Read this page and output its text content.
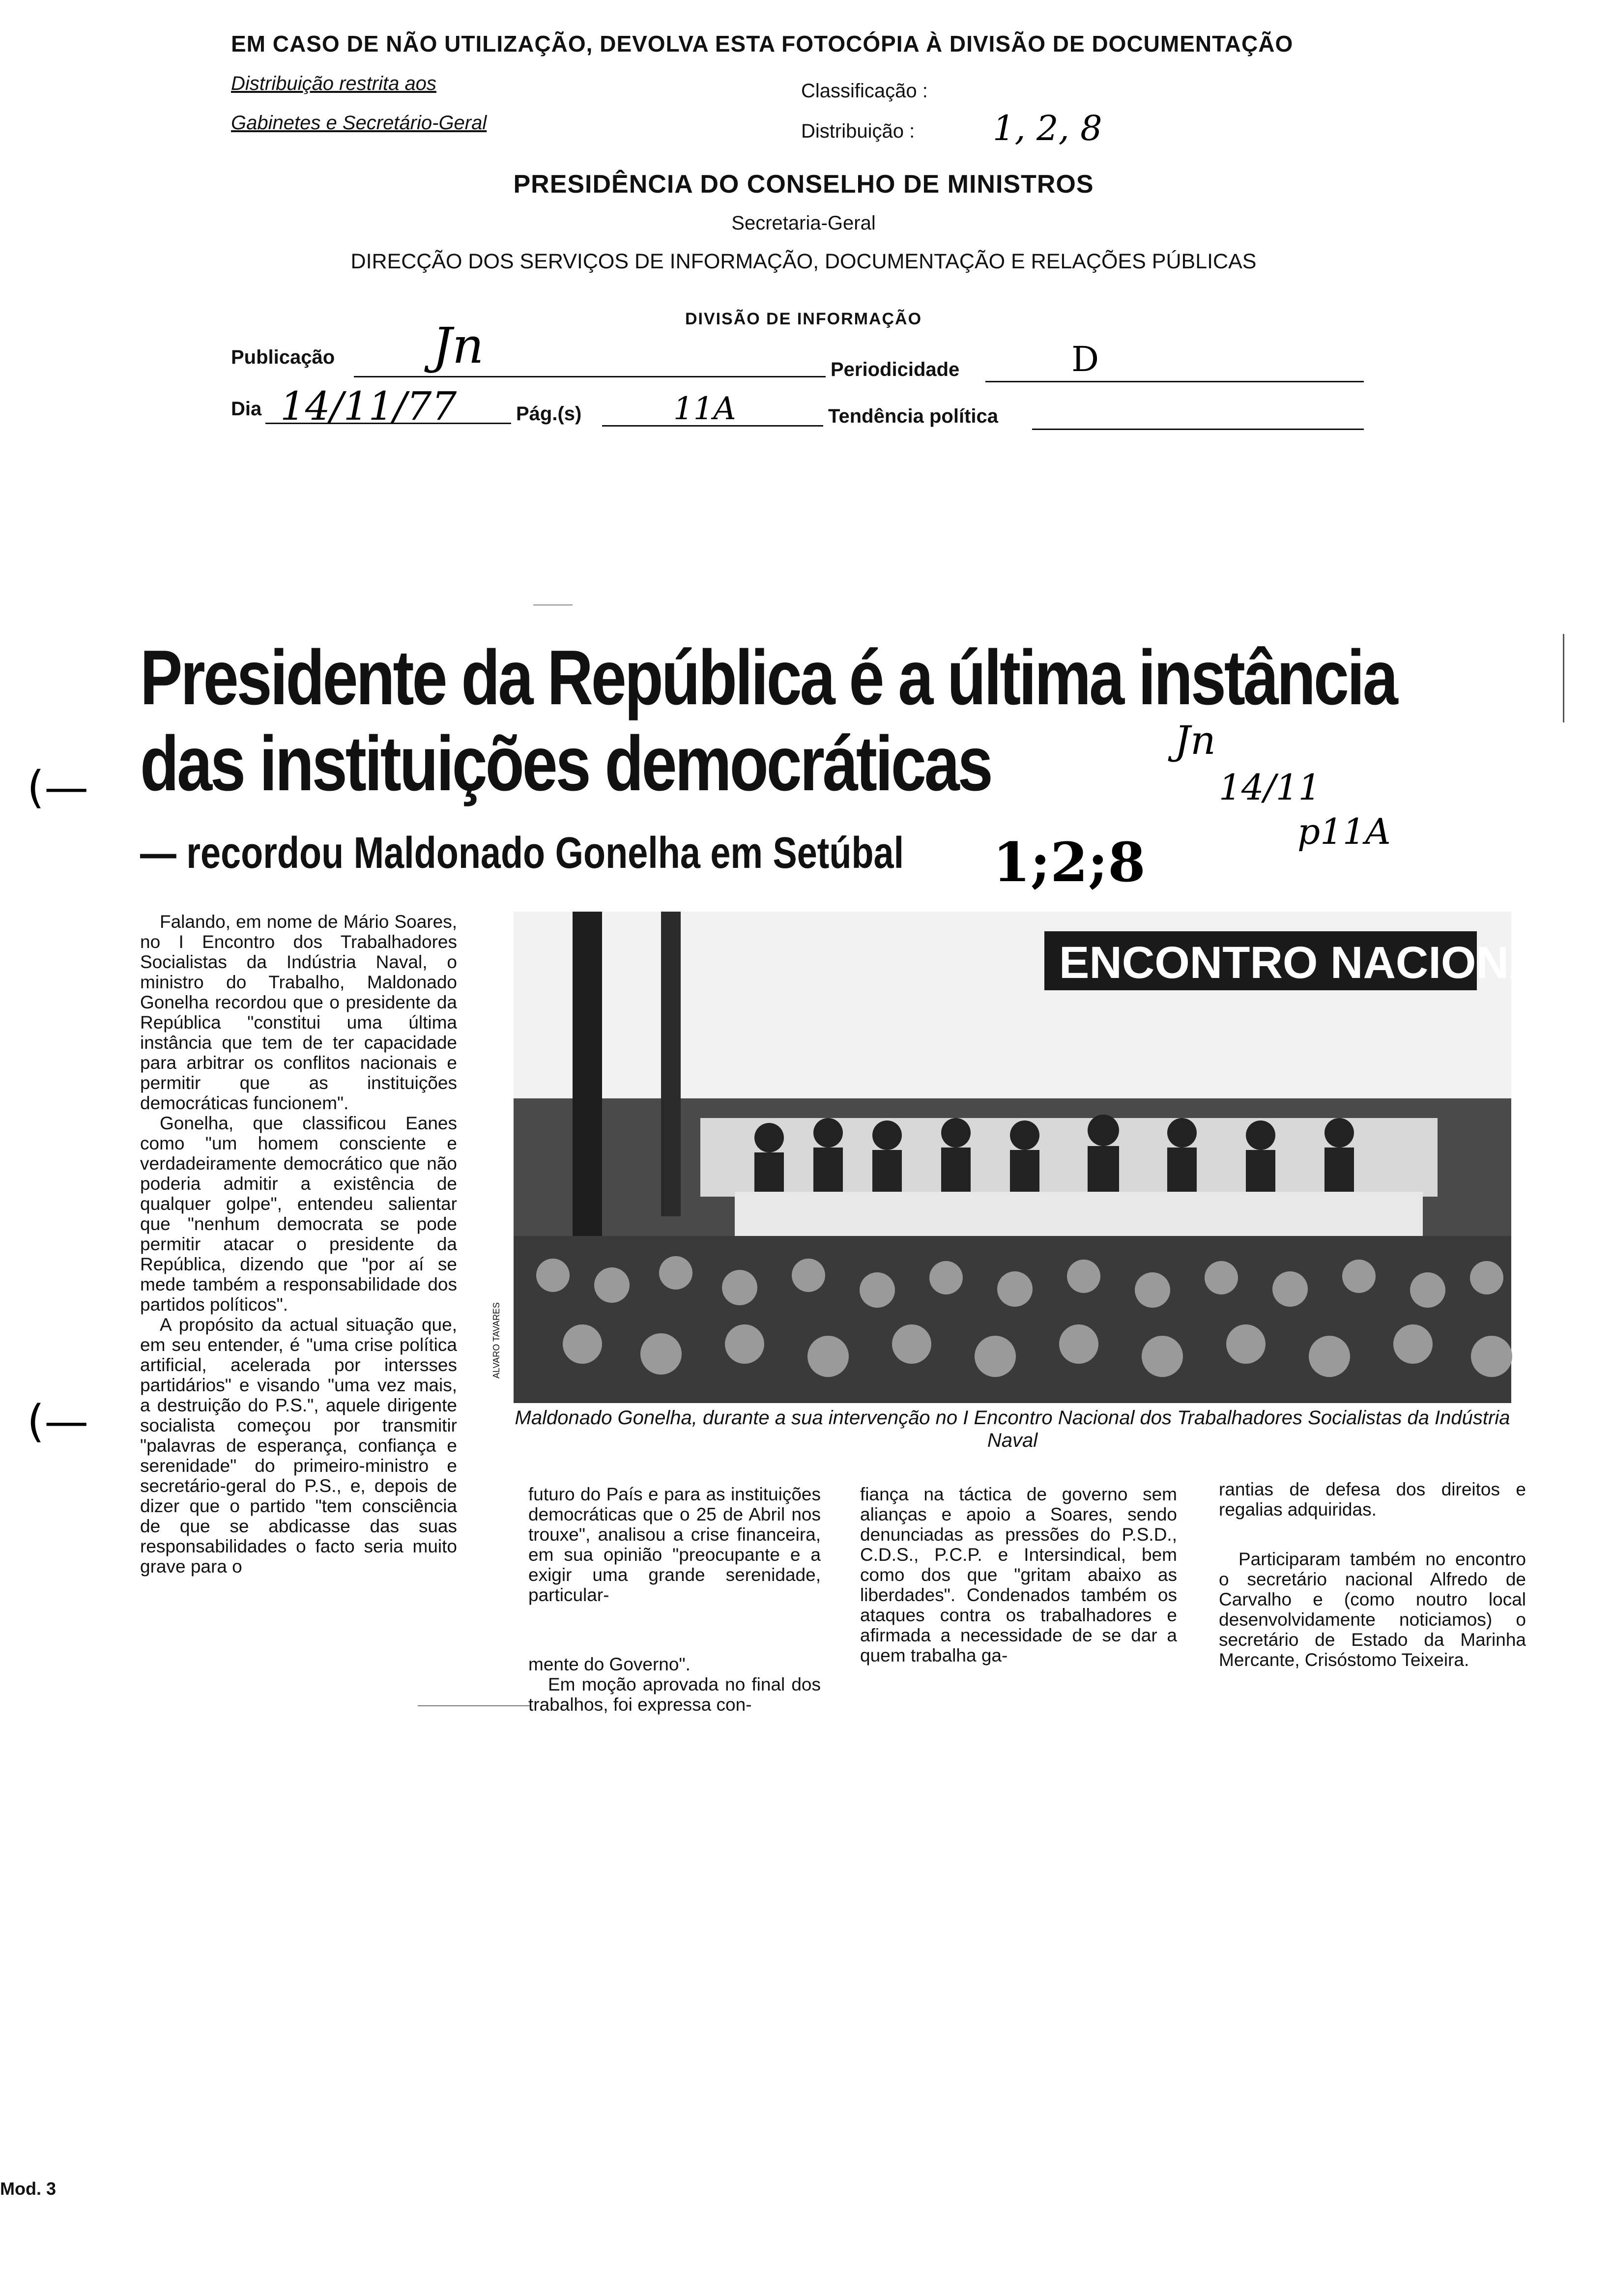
EM CASO DE NÃO UTILIZAÇÃO, DEVOLVA ESTA FOTOCÓPIA À DIVISÃO DE DOCUMENTAÇÃO
Distribuição restrita aos
Gabinetes e Secretário-Geral
Classificação :
Distribuição : 1, 2, 8
PRESIDÊNCIA DO CONSELHO DE MINISTROS
Secretaria-Geral
DIRECÇÃO DOS SERVIÇOS DE INFORMAÇÃO, DOCUMENTAÇÃO E RELAÇÕES PÚBLICAS
DIVISÃO DE INFORMAÇÃO
Publicação Jn	Periodicidade	D
Dia 14/11/77	Pág.(s)	11A	Tendência política
(—
(—
Presidente da República é a última instância
das instituições democráticas
— recordou Maldonado Gonelha em Setúbal 1;2;8
Jn
14/11
p11A

Falando, em nome de Mário Soares, no I Encontro dos Trabalhadores Socialistas da Indústria Naval, o ministro do Trabalho, Maldonado Gonelha recordou que o presidente da República "constitui uma última instância que tem de ter capacidade para arbitrar os conflitos nacionais e permitir que as instituições democráticas funcionem".

Gonelha, que classificou Eanes como "um homem consciente e verdadeiramente democrático que não poderia admitir a existência de qualquer golpe", entendeu salientar que "nenhum democrata se pode permitir atacar o presidente da República, dizendo que "por aí se mede também a responsabilidade dos partidos políticos".

A propósito da actual situação que, em seu entender, é "uma crise política artificial, acelerada por intersses partidários" e visando "uma vez mais, a destruição do P.S.", aquele dirigente socialista começou por transmitir "palavras de esperança, confiança e serenidade" do primeiro-ministro e secretário-geral do P.S., e, depois de dizer que o partido "tem consciência de que se abdicasse das suas responsabilidades o facto seria muito grave para o

ENCONTRO NACIONAL
ALVARO TAVARES
Maldonado Gonelha, durante a sua intervenção no I Encontro Nacional dos Trabalhadores Socialistas da Indústria Naval

futuro do País e para as instituições democráticas que o 25 de Abril nos trouxe", analisou a crise financeira, em sua opinião "preocupante e a exigir uma grande serenidade, particular-

mente do Governo".

Em moção aprovada no final dos trabalhos, foi expressa con-

fiança na táctica de governo sem alianças e apoio a Soares, sendo denunciadas as pressões do P.S.D., C.D.S., P.C.P. e Intersindical, bem como dos que "gritam abaixo as liberdades". Condenados também os ataques contra os trabalhadores e afirmada a necessidade de se dar a quem trabalha ga-

rantias de defesa dos direitos e regalias adquiridas.

Participaram também no encontro o secretário nacional Alfredo de Carvalho e (como noutro local desenvolvidamente noticiamos) o secretário de Estado da Marinha Mercante, Crisóstomo Teixeira.

Mod. 3
